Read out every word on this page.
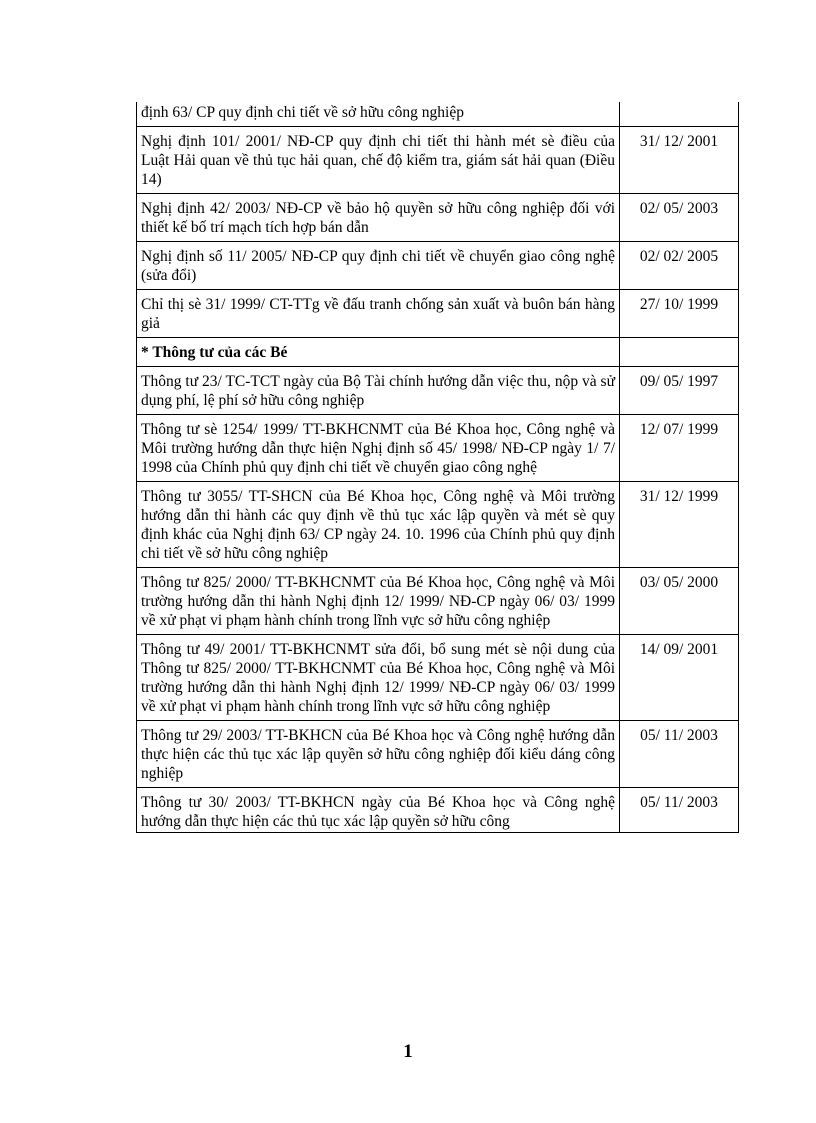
định 63/ CP quy định chi tiết về sở hữu công nghiệp	
Nghị định 101/ 2001/ NĐ-CP quy định chi tiết thi hành mét sè điều của Luật Hải quan về thủ tục hải quan, chế độ kiểm tra, giám sát hải quan (Điều 14)	31/ 12/ 2001
Nghị định 42/ 2003/ NĐ-CP về bảo hộ quyền sở hữu công nghiệp đối với thiết kế bố trí mạch tích hợp bán dẫn	02/ 05/ 2003
Nghị định số 11/ 2005/ NĐ-CP quy định chi tiết về chuyển giao công nghệ (sửa đổi)	02/ 02/ 2005
Chỉ thị sè 31/ 1999/ CT-TTg về đấu tranh chống sản xuất và buôn bán hàng giả	27/ 10/ 1999
* Thông tư của các Bé	
Thông tư 23/ TC-TCT ngày của Bộ Tài chính hướng dẫn việc thu, nộp và sử dụng phí, lệ phí sở hữu công nghiệp	09/ 05/ 1997
Thông tư sè 1254/ 1999/ TT-BKHCNMT của Bé Khoa học, Công nghệ và Môi trường hướng dẫn thực hiện Nghị định số 45/ 1998/ NĐ-CP ngày 1/ 7/ 1998 của Chính phủ quy định chi tiết về chuyển giao công nghệ	12/ 07/ 1999
Thông tư 3055/ TT-SHCN của Bé Khoa học, Công nghệ và Môi trường hướng dẫn thi hành các quy định về thủ tục xác lập quyền và mét sè quy định khác của Nghị định 63/ CP ngày 24. 10. 1996 của Chính phủ quy định chi tiết về sở hữu công nghiệp	31/ 12/ 1999
Thông tư 825/ 2000/ TT-BKHCNMT của Bé Khoa học, Công nghệ và Môi trường hướng dẫn thi hành Nghị định 12/ 1999/ NĐ-CP ngày 06/ 03/ 1999 về xử phạt vi phạm hành chính trong lĩnh vực sở hữu công nghiệp	03/ 05/ 2000
Thông tư 49/ 2001/ TT-BKHCNMT sửa đổi, bổ sung mét sè nội dung của Thông tư 825/ 2000/ TT-BKHCNMT của Bé Khoa học, Công nghệ và Môi trường hướng dẫn thi hành Nghị định 12/ 1999/ NĐ-CP ngày 06/ 03/ 1999 về xử phạt vi phạm hành chính trong lĩnh vực sở hữu công nghiệp	14/ 09/ 2001
Thông tư 29/ 2003/ TT-BKHCN của Bé Khoa học và Công nghệ hướng dẫn thực hiện các thủ tục xác lập quyền sở hữu công nghiệp đối kiểu dáng công nghiệp	05/ 11/ 2003
Thông tư 30/ 2003/ TT-BKHCN ngày của Bé Khoa học và Công nghệ hướng dẫn thực hiện các thủ tục xác lập quyền sở hữu công	05/ 11/ 2003
1
